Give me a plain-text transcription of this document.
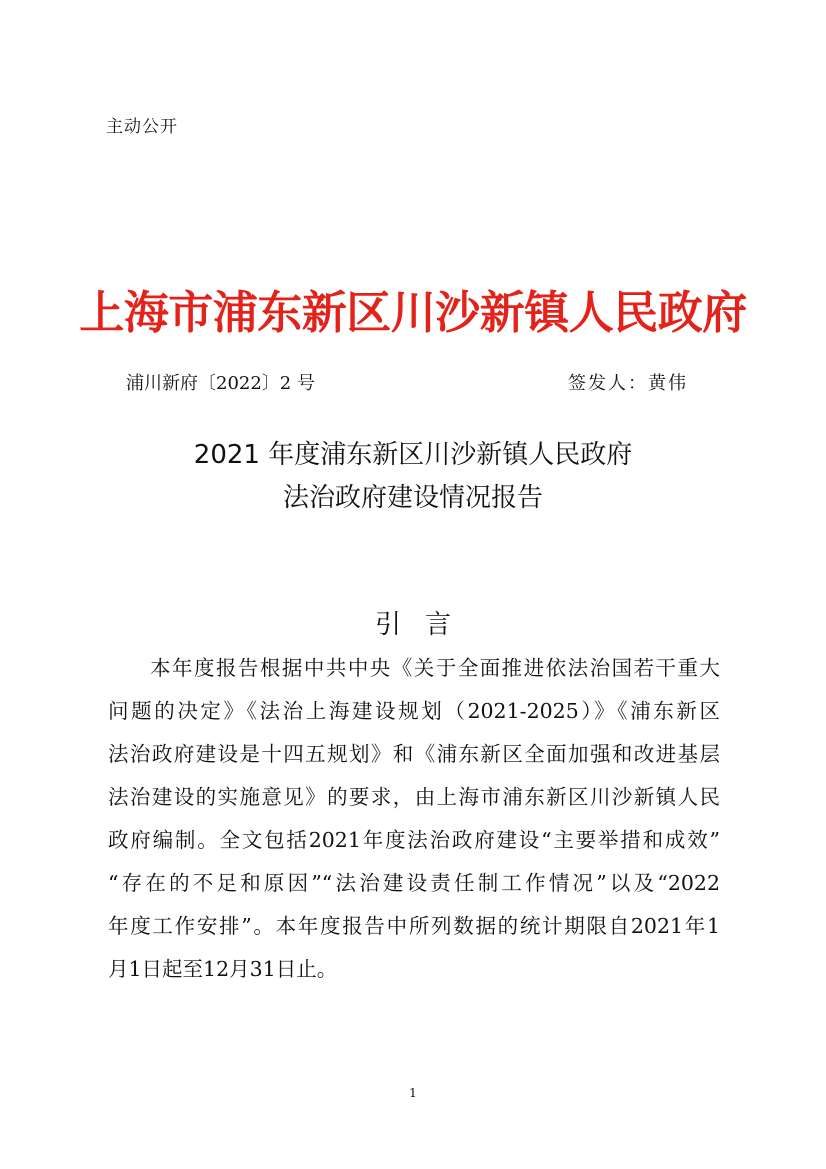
主动公开
上海市浦东新区川沙新镇人民政府
浦川新府〔2022〕2 号	签发人：黄伟
2021 年度浦东新区川沙新镇人民政府
法治政府建设情况报告
引言
本年度报告根据中共中央《关于全面推进依法治国若干重大
问题的决定》《法治上海建设规划（2021-2025）》《浦东新区
法治政府建设是十四五规划》和《浦东新区全面加强和改进基层
法治建设的实施意见》的要求，由上海市浦东新区川沙新镇人民
政府编制。全文包括2021年度法治政府建设“主要举措和成效”
“存在的不足和原因”“法治建设责任制工作情况”以及“2022
年度工作安排”。本年度报告中所列数据的统计期限自2021年1
月1日起至12月31日止。
1
